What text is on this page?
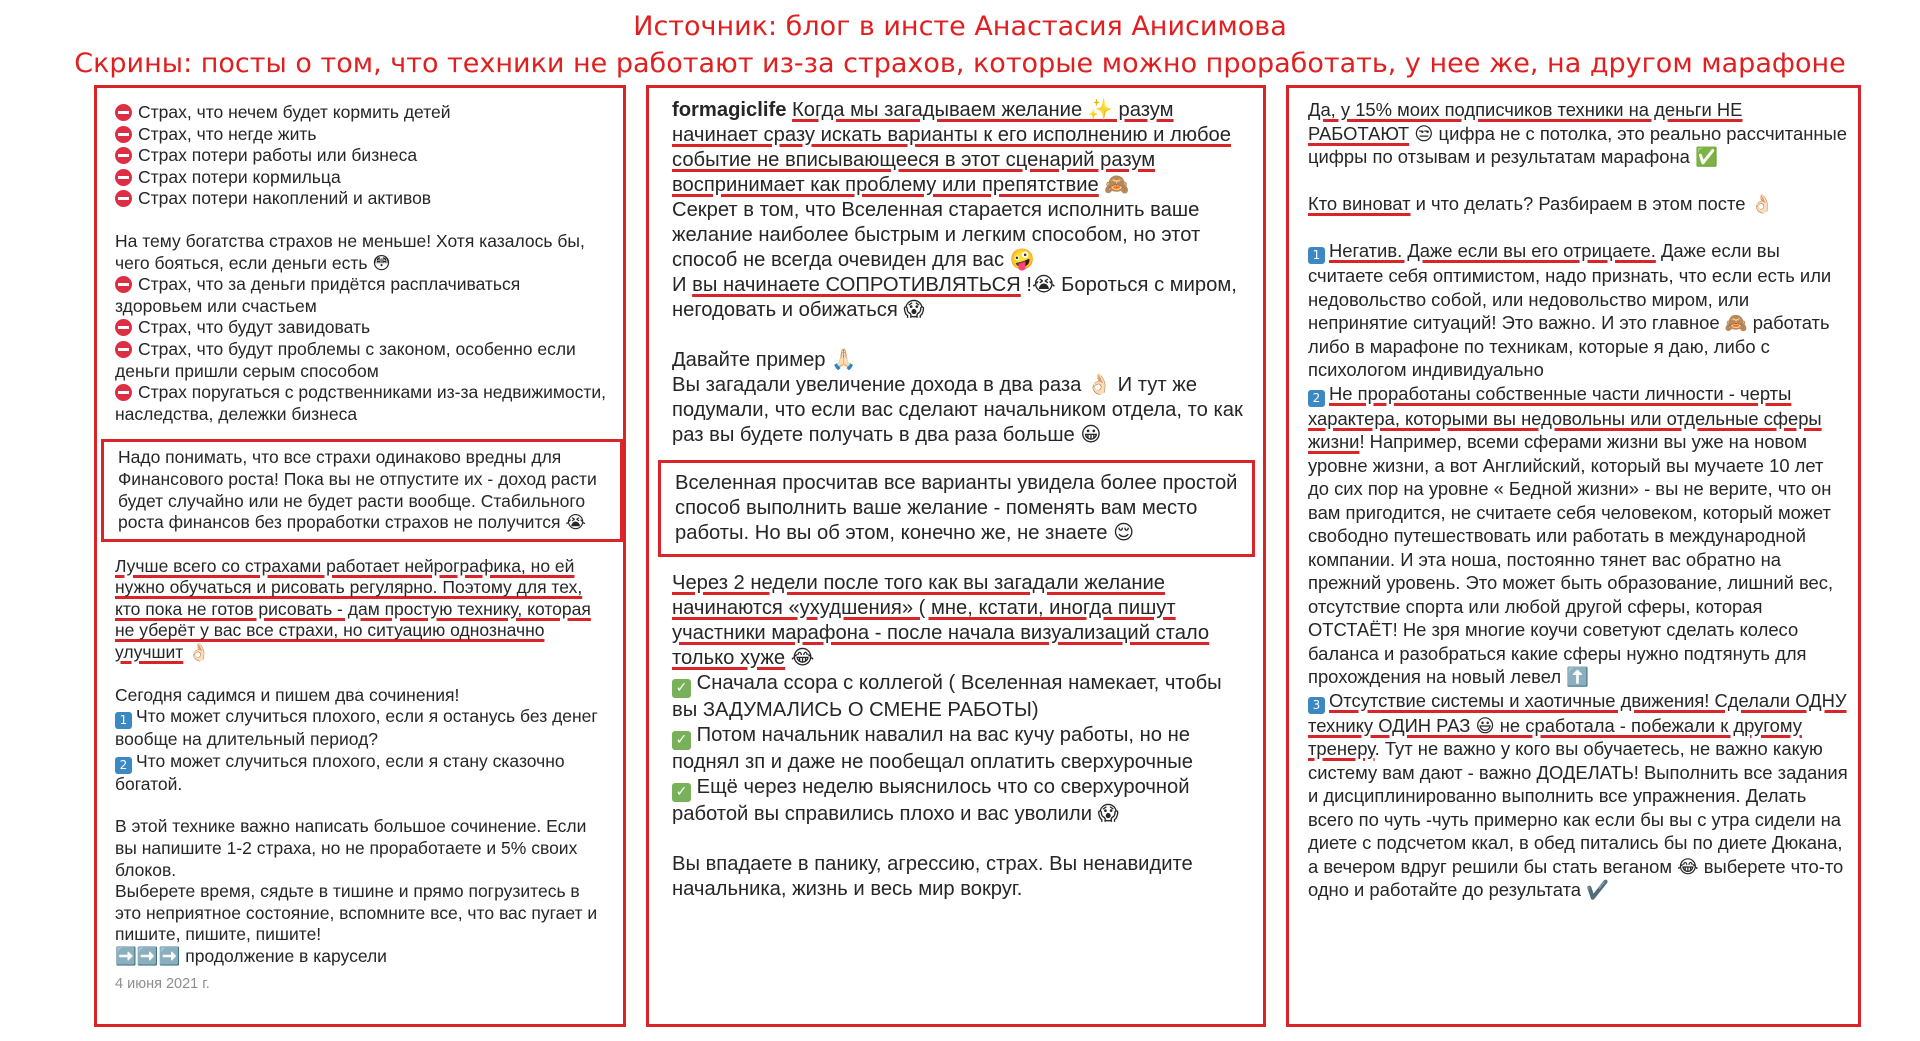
Источник: блог в инсте Анастасия Анисимова
Скрины: посты о том, что техники не работают из-за страхов, которые можно проработать, у нее же, на другом марафоне
Страх, что нечем будет кормить детей
Страх, что негде жить
Страх потери работы или бизнеса
Страх потери кормильца
Страх потери накоплений и активов

На тему богатства страхов не меньше! Хотя казалось бы, чего бояться, если деньги есть 😳

Страх, что за деньги придётся расплачиваться здоровьем или счастьем
Страх, что будут завидовать
Страх, что будут проблемы с законом, особенно если деньги пришли серым способом
Страх поругаться с родственниками из-за недвижимости, наследства, дележки бизнеса

Надо понимать, что все страхи одинаково вредны для Финансового роста! Пока вы не отпустите их - доход расти будет случайно или не будет расти вообще. Стабильного роста финансов без проработки страхов не получится 😭

Лучше всего со страхами работает нейрографика, но ей нужно обучаться и рисовать регулярно. Поэтому для тех, кто пока не готов рисовать - дам простую технику, которая не уберёт у вас все страхи, но ситуацию однозначно улучшит 👌🏻

Сегодня садимся и пишем два сочинения!

1 Что может случиться плохого, если я останусь без денег вообще на длительный период?

2 Что может случиться плохого, если я стану сказочно богатой.

В этой технике важно написать большое сочинение. Если вы напишите 1-2 страха, но не проработаете и 5% своих блоков.

Выберете время, сядьте в тишине и прямо погрузитесь в это неприятное состояние, вспомните все, что вас пугает и пишите, пишите, пишите!

➡️➡️➡️ продолжение в карусели

4 июня 2021 г.

formagiclife Когда мы загадываем желание ✨ разум начинает сразу искать варианты к его исполнению и любое событие не вписывающееся в этот сценарий разум воспринимает как проблему или препятствие 🙈

Секрет в том, что Вселенная старается исполнить ваше желание наиболее быстрым и легким способом, но этот способ не всегда очевиден для вас 🤪

И вы начинаете СОПРОТИВЛЯТЬСЯ !😭 Бороться с миром, негодовать и обижаться 😱

Давайте пример 🙏🏻

Вы загадали увеличение дохода в два раза 👌🏻 И тут же подумали, что если вас сделают начальником отдела, то как раз вы будете получать в два раза больше 😀

Вселенная просчитав все варианты увидела более простой способ выполнить ваше желание - поменять вам место работы. Но вы об этом, конечно же, не знаете 😌

Через 2 недели после того как вы загадали желание начинаются «ухудшения» ( мне, кстати, иногда пишут участники марафона - после начала визуализаций стало только хуже 😂

✓ Сначала ссора с коллегой ( Вселенная намекает, чтобы вы ЗАДУМАЛИСЬ О СМЕНЕ РАБОТЫ)

✓ Потом начальник навалил на вас кучу работы, но не поднял зп и даже не пообещал оплатить сверхурочные

✓ Ещё через неделю выяснилось что со сверхурочной работой вы справились плохо и вас уволили 😱

Вы впадаете в панику, агрессию, страх. Вы ненавидите начальника, жизнь и весь мир вокруг.

Да, у 15% моих подписчиков техники на деньги НЕ РАБОТАЮТ 😒 цифра не с потолка, это реально рассчитанные цифры по отзывам и результатам марафона ✅

Кто виноват и что делать? Разбираем в этом посте 👌🏻

1 Негатив. Даже если вы его отрицаете. Даже если вы считаете себя оптимистом, надо признать, что если есть или недовольство собой, или недовольство миром, или непринятие ситуаций! Это важно. И это главное 🙈 работать либо в марафоне по техникам, которые я даю, либо с психологом индивидуально

2 Не проработаны собственные части личности - черты характера, которыми вы недовольны или отдельные сферы жизни! Например, всеми сферами жизни вы уже на новом уровне жизни, а вот Английский, который вы мучаете 10 лет до сих пор на уровне « Бедной жизни» - вы не верите, что он вам пригодится, не считаете себя человеком, который может свободно путешествовать или работать в международной компании. И эта ноша, постоянно тянет вас обратно на прежний уровень. Это может быть образование, лишний вес, отсутствие спорта или любой другой сферы, которая ОТСТАЁТ! Не зря многие коучи советуют сделать колесо баланса и разобраться какие сферы нужно подтянуть для прохождения на новый левел ⬆️

3 Отсутствие системы и хаотичные движения! Сделали ОДНУ технику ОДИН РАЗ 😃 не сработала - побежали к другому тренеру. Тут не важно у кого вы обучаетесь, не важно какую систему вам дают - важно ДОДЕЛАТЬ! Выполнить все задания и дисциплинированно выполнить все упражнения. Делать всего по чуть -чуть примерно как если бы вы с утра сидели на диете с подсчетом ккал, в обед питались бы по диете Дюкана, а вечером вдруг решили бы стать веганом 😂 выберете что-то одно и работайте до результата ✔️
